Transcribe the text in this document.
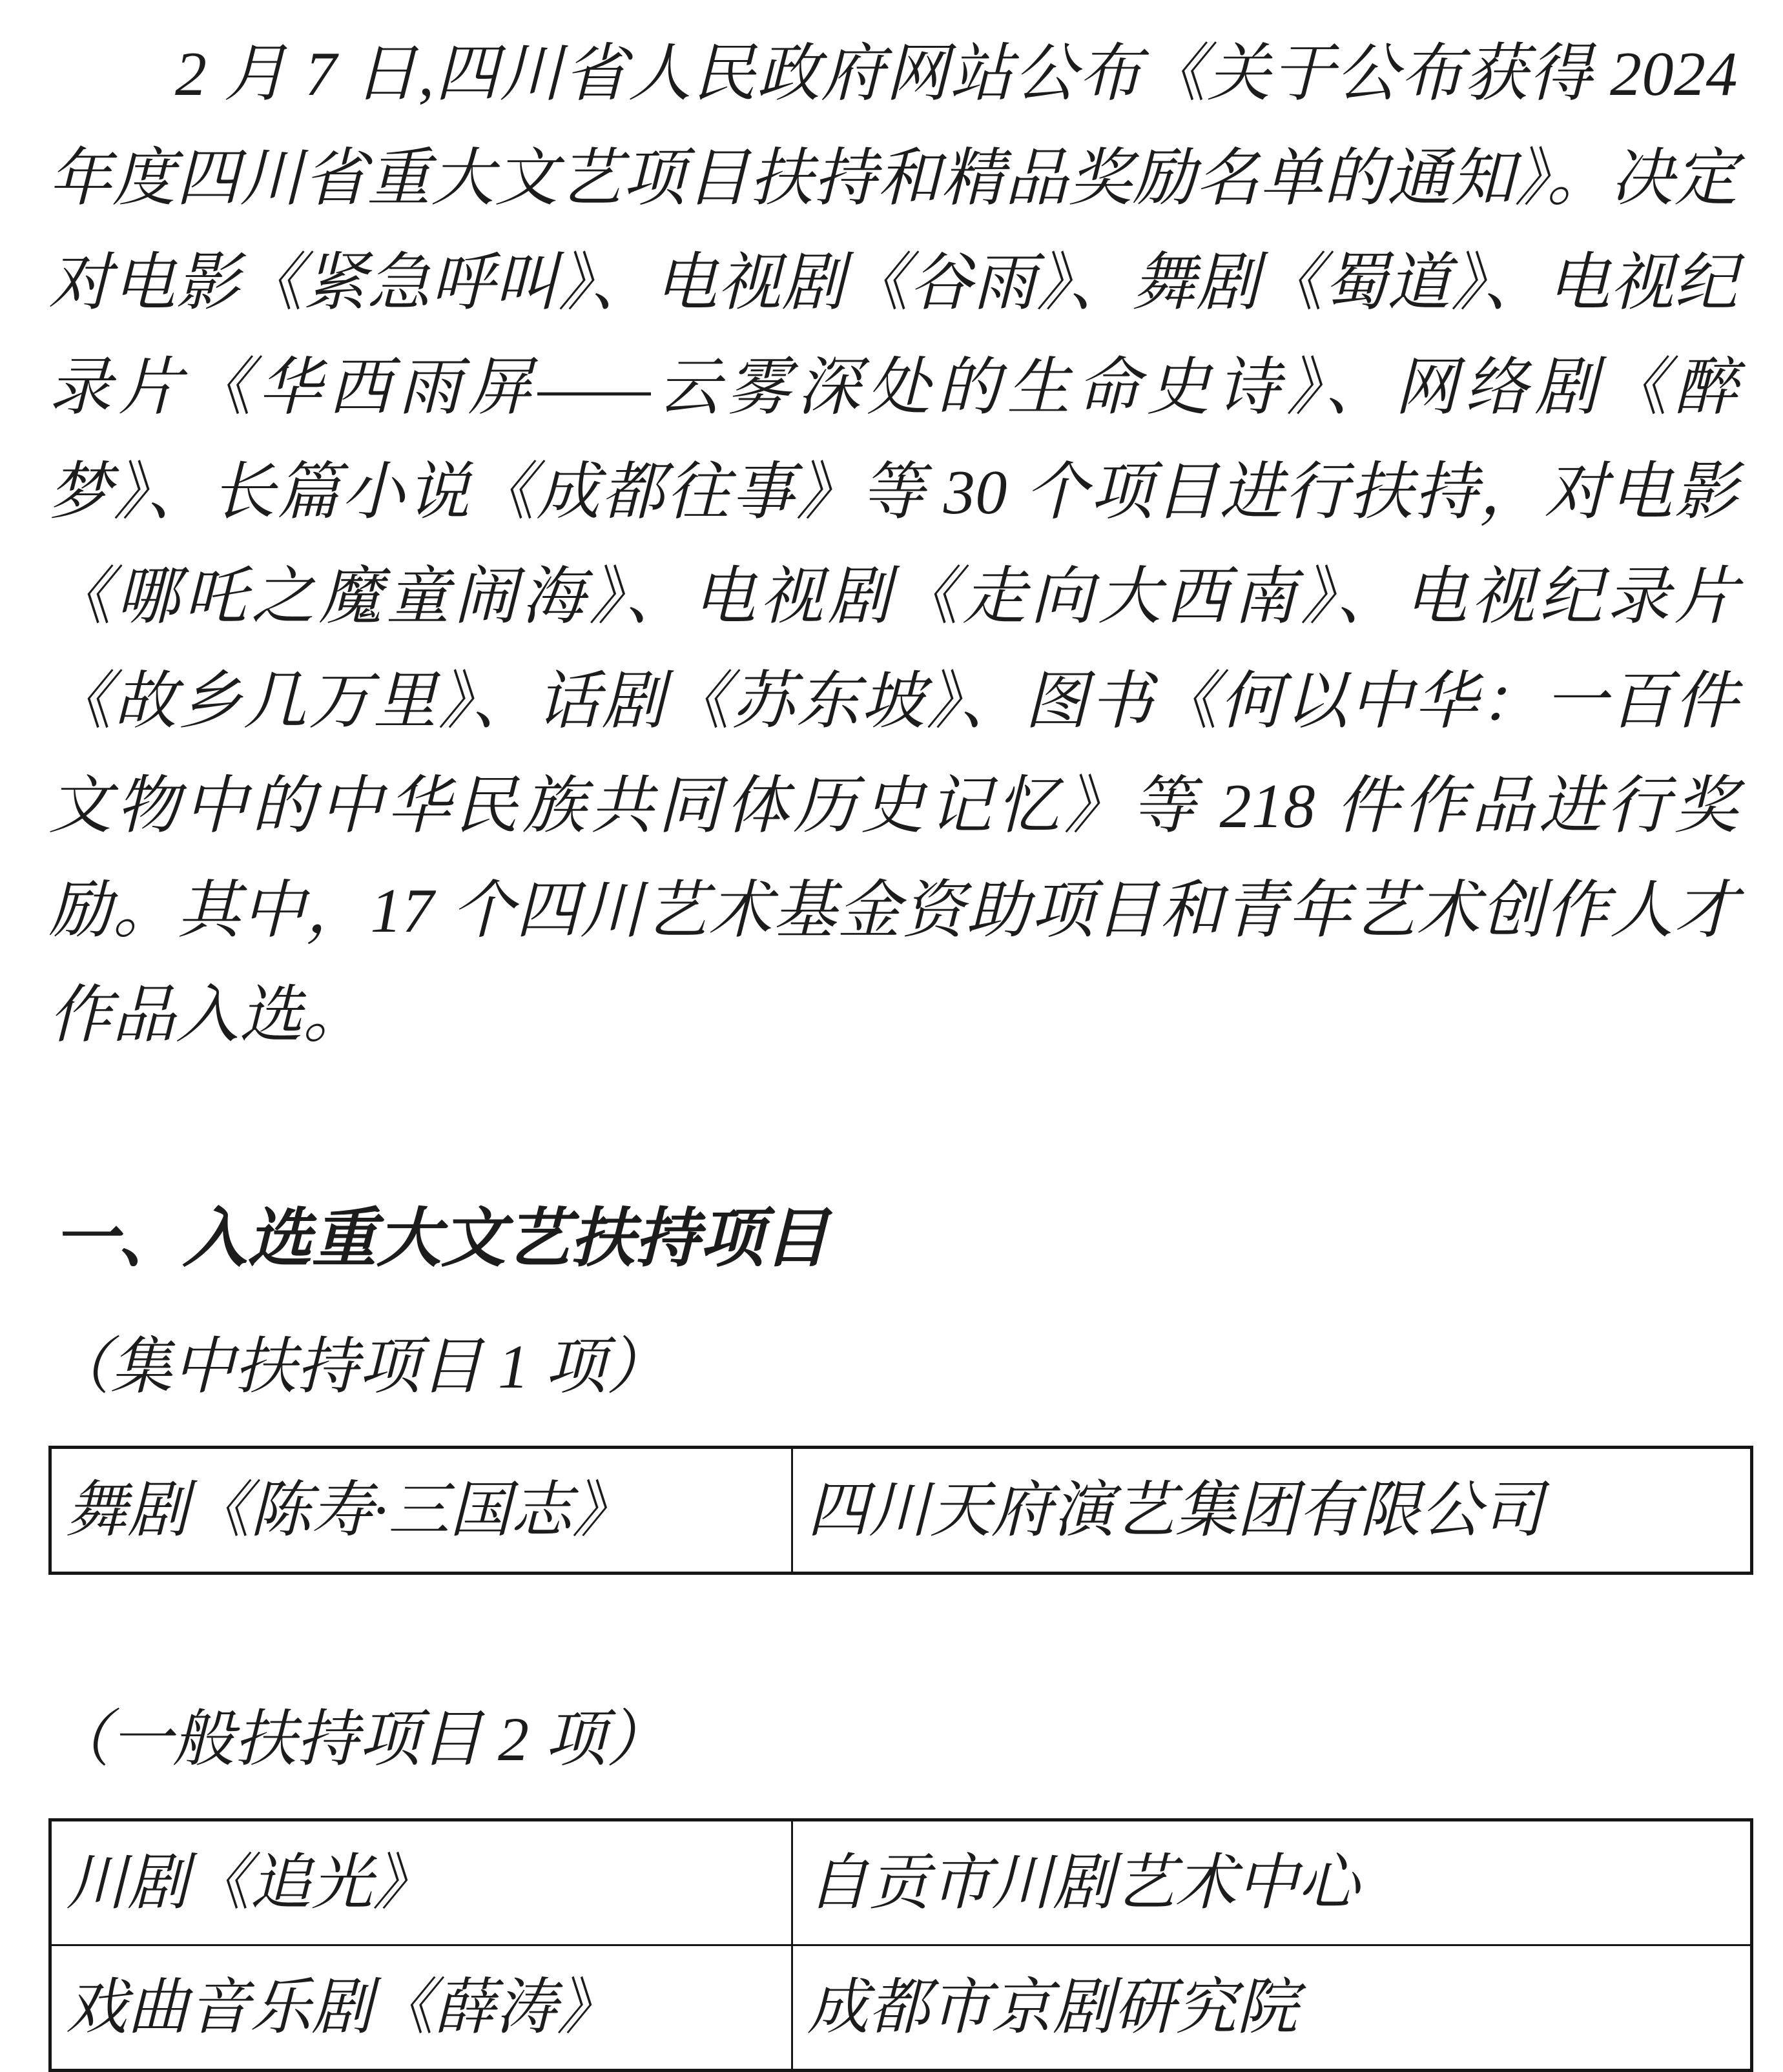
2 月 7 日,四川省人民政府网站公布《关于公布获得 2024 年度四川省重大文艺项目扶持和精品奖励名单的通知》。决定对电影《紧急呼叫》、电视剧《谷雨》、舞剧《蜀道》、电视纪录片《华西雨屏——云雾深处的生命史诗》、网络剧《醉梦》、长篇小说《成都往事》等 30 个项目进行扶持，对电影《哪吒之魔童闹海》、电视剧《走向大西南》、电视纪录片《故乡几万里》、话剧《苏东坡》、图书《何以中华：一百件文物中的中华民族共同体历史记忆》等 218 件作品进行奖励。其中，17 个四川艺术基金资助项目和青年艺术创作人才作品入选。

一、入选重大文艺扶持项目

（集中扶持项目 1 项）

舞剧《陈寿·三国志》	四川天府演艺集团有限公司

（一般扶持项目 2 项）

川剧《追光》	自贡市川剧艺术中心
戏曲音乐剧《薛涛》	成都市京剧研究院
